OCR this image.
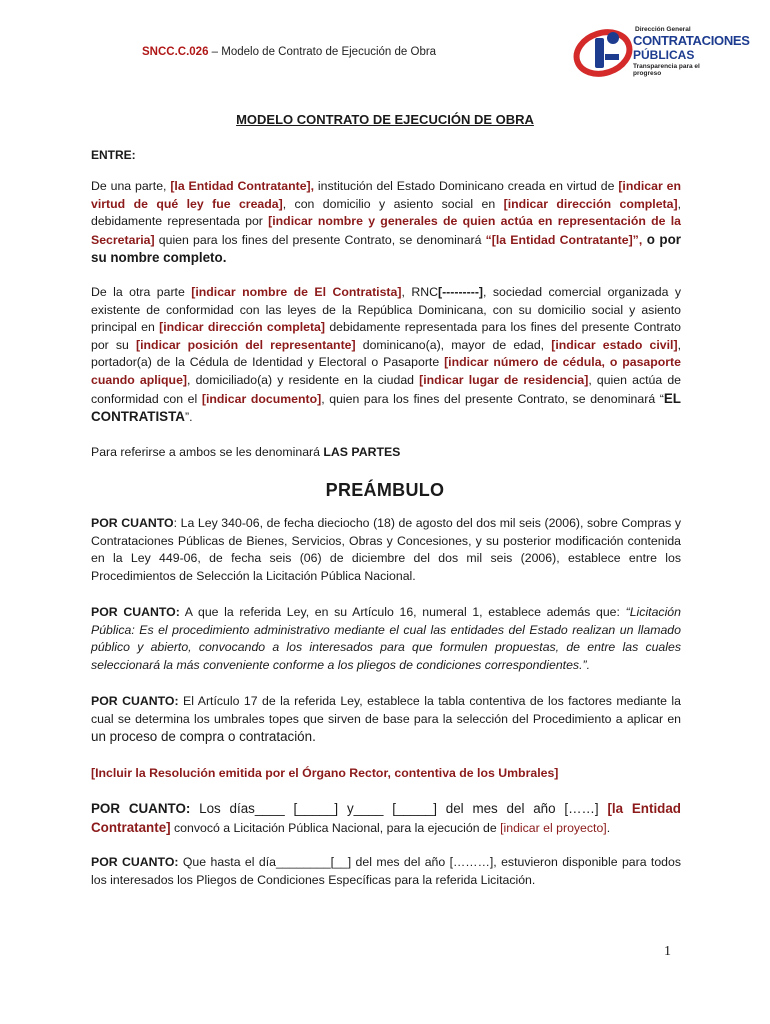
SNCC.C.026 – Modelo de Contrato de Ejecución de Obra
Dirección General
CONTRATACIONES
PÚBLICAS
Transparencia para el progreso
MODELO CONTRATO DE EJECUCIÓN DE OBRA
ENTRE:
De una parte, [la Entidad Contratante], institución del Estado Dominicano creada en virtud de [indicar en virtud de qué ley fue creada], con domicilio y asiento social en [indicar dirección completa], debidamente representada por [indicar nombre y generales de quien actúa en representación de la Secretaria] quien para los fines del presente Contrato, se denominará “[la Entidad Contratante]”, o por su nombre completo.
De la otra parte [indicar nombre de El Contratista], RNC[---------], sociedad comercial organizada y existente de conformidad con las leyes de la República Dominicana, con su domicilio social y asiento principal en [indicar dirección completa] debidamente representada para los fines del presente Contrato por su [indicar posición del representante] dominicano(a), mayor de edad, [indicar estado civil], portador(a) de la Cédula de Identidad y Electoral o Pasaporte [indicar número de cédula, o pasaporte cuando aplique], domiciliado(a) y residente en la ciudad [indicar lugar de residencia], quien actúa de conformidad con el [indicar documento], quien para los fines del presente Contrato, se denominará “EL CONTRATISTA”.
Para referirse a ambos se les denominará LAS PARTES
PREÁMBULO
POR CUANTO: La Ley 340-06, de fecha dieciocho (18) de agosto del dos mil seis (2006), sobre Compras y Contrataciones Públicas de Bienes, Servicios, Obras y Concesiones, y su posterior modificación contenida en la Ley 449-06, de fecha seis (06) de diciembre del dos mil seis (2006), establece entre los Procedimientos de Selección la Licitación Pública Nacional.
POR CUANTO: A que la referida Ley, en su Artículo 16, numeral 1, establece además que: “Licitación Pública: Es el procedimiento administrativo mediante el cual las entidades del Estado realizan un llamado público y abierto, convocando a los interesados para que formulen propuestas, de entre las cuales seleccionará la más conveniente conforme a los pliegos de condiciones correspondientes.”.
POR CUANTO: El Artículo 17 de la referida Ley, establece la tabla contentiva de los factores mediante la cual se determina los umbrales topes que sirven de base para la selección del Procedimiento a aplicar en un proceso de compra o contratación.
[Incluir la Resolución emitida por el Órgano Rector, contentiva de los Umbrales]
POR CUANTO: Los días____ [_____] y____ [_____] del mes del año [……] [la Entidad Contratante] convocó a Licitación Pública Nacional, para la ejecución de [indicar el proyecto].
POR CUANTO: Que hasta el día________[__] del mes del año [………], estuvieron disponible para todos los interesados los Pliegos de Condiciones Específicas para la referida Licitación.
1
